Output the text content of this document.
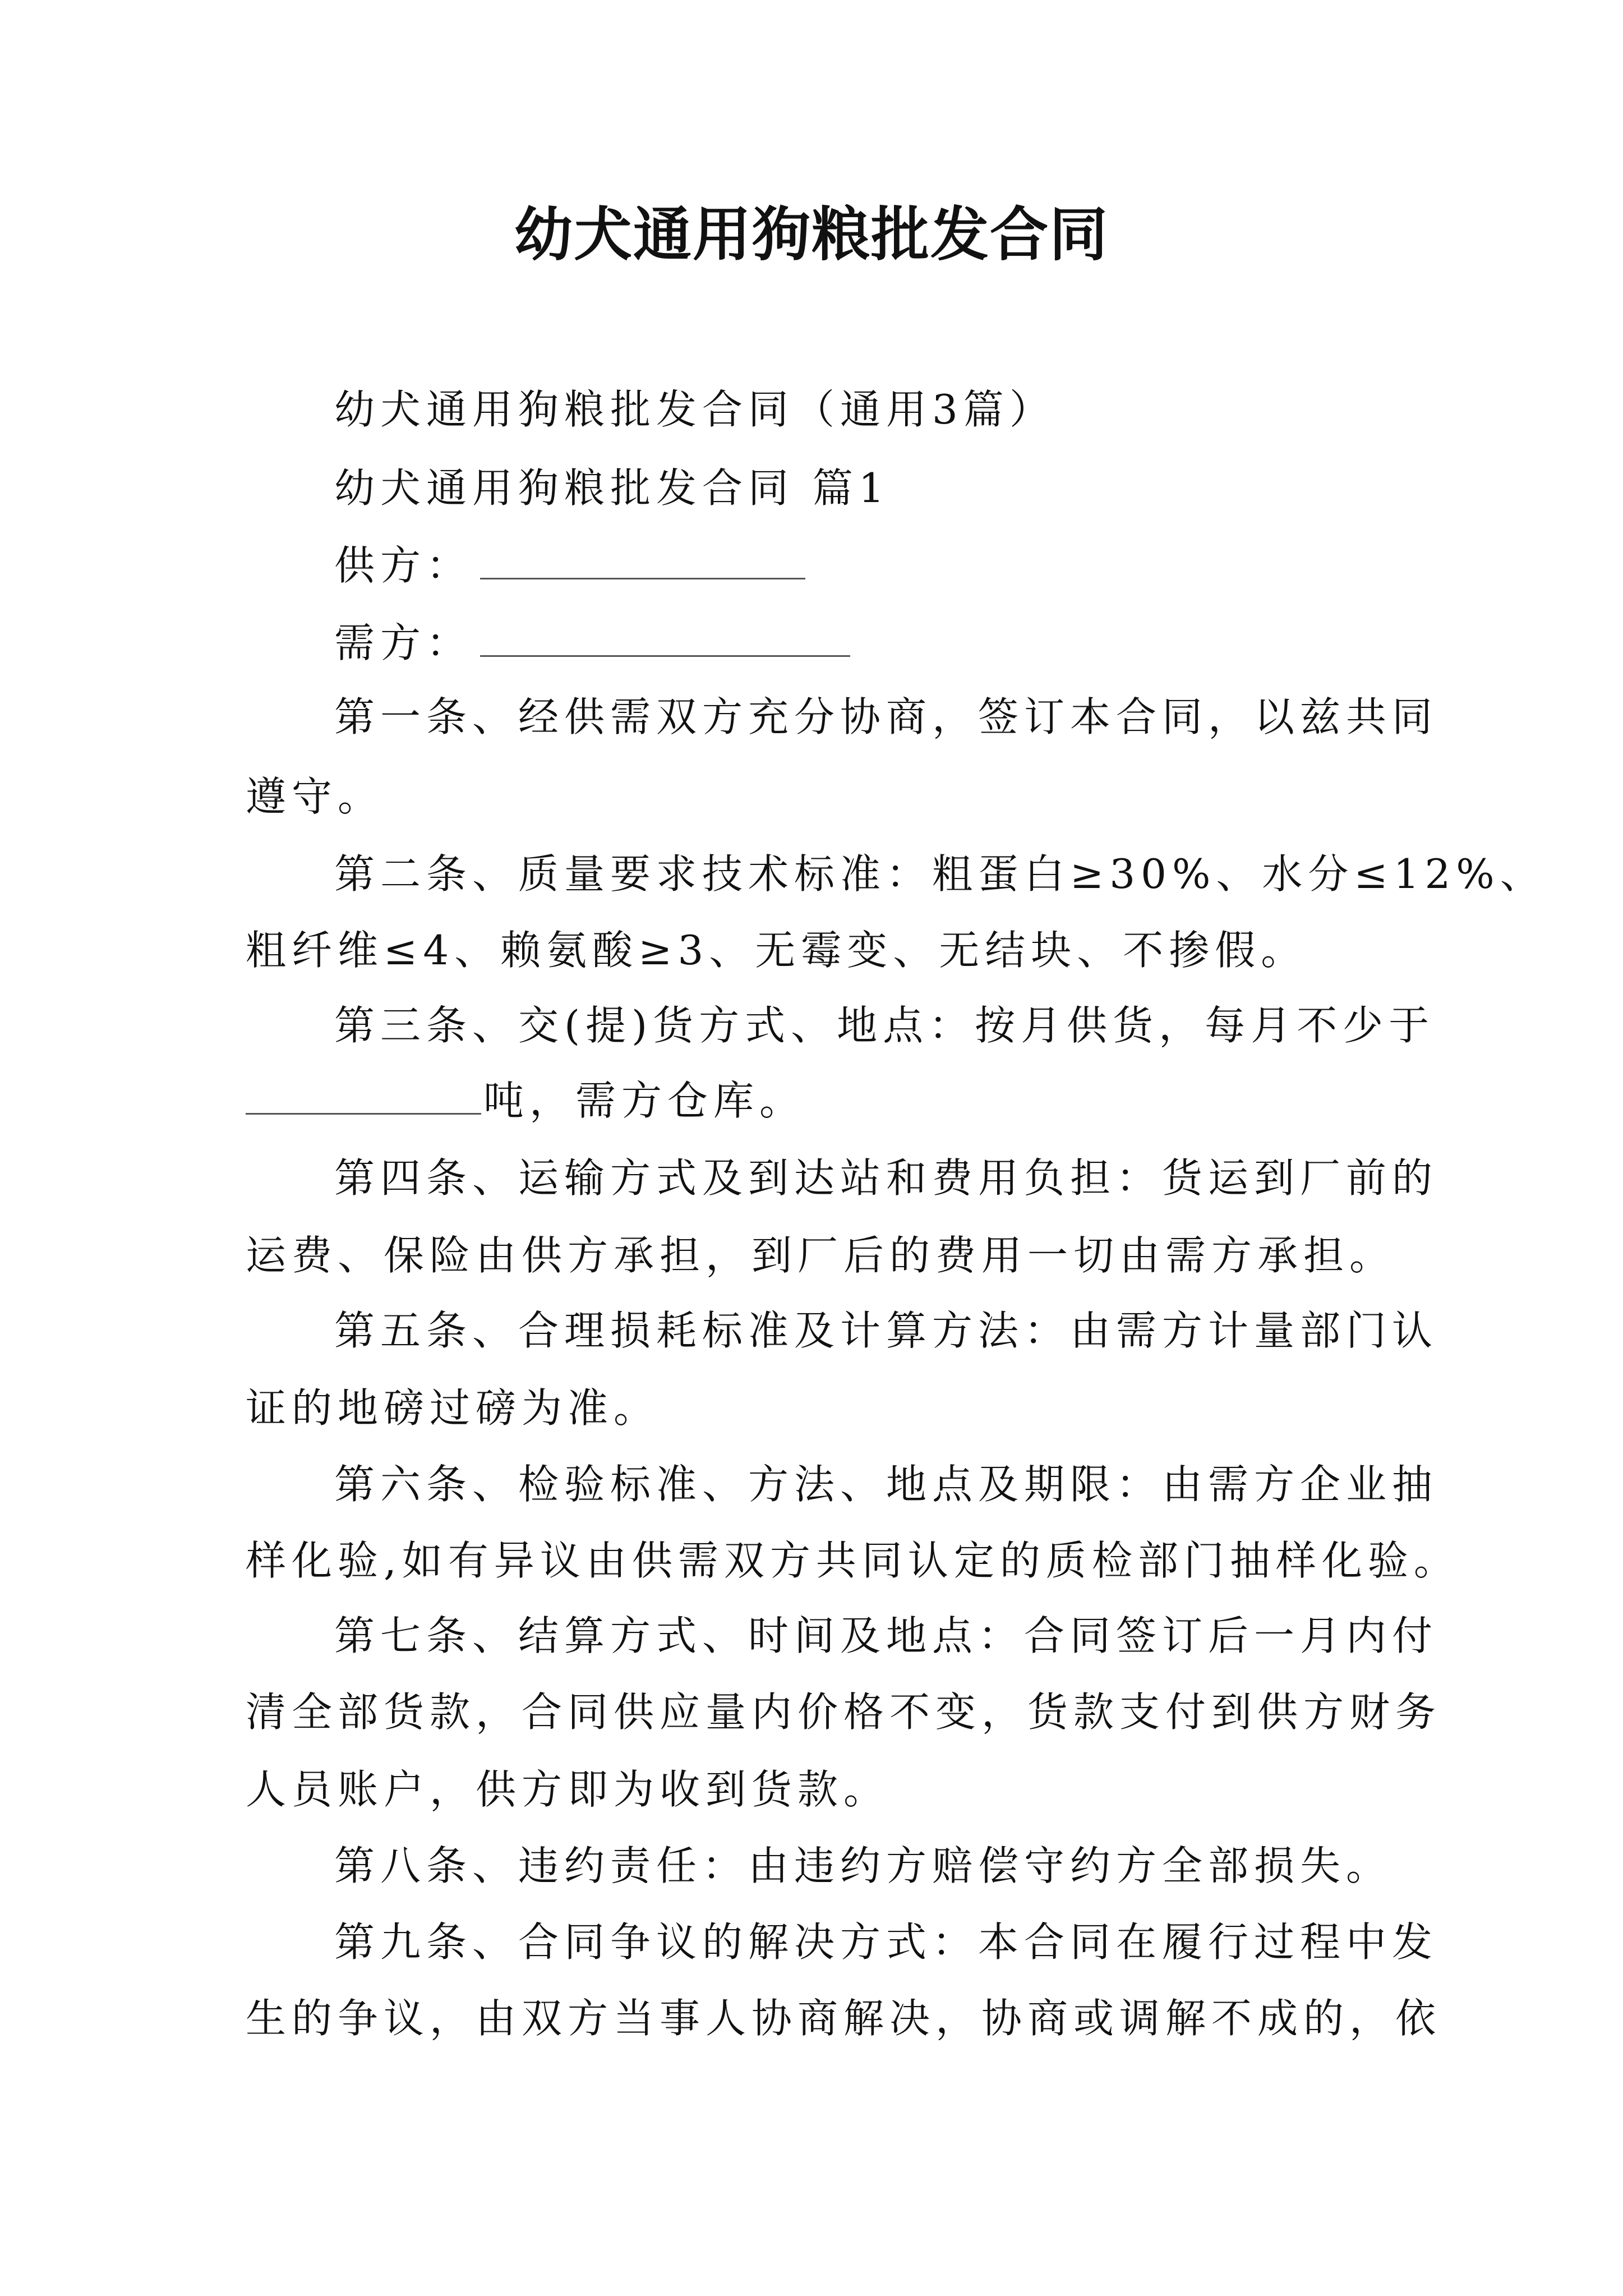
幼犬通用狗粮批发合同
幼犬通用狗粮批发合同（通用3篇）
幼犬通用狗粮批发合同 篇1
供方：
需方：
第一条、经供需双方充分协商，签订本合同，以兹共同
遵守。
第二条、质量要求技术标准：粗蛋白≥30%、水分≤12%、
粗纤维≤4、赖氨酸≥3、无霉变、无结块、不掺假。
第三条、交(提)货方式、地点：按月供货，每月不少于
吨，需方仓库。
第四条、运输方式及到达站和费用负担：货运到厂前的
运费、保险由供方承担，到厂后的费用一切由需方承担。
第五条、合理损耗标准及计算方法：由需方计量部门认
证的地磅过磅为准。
第六条、检验标准、方法、地点及期限：由需方企业抽
样化验,如有异议由供需双方共同认定的质检部门抽样化验。
第七条、结算方式、时间及地点：合同签订后一月内付
清全部货款，合同供应量内价格不变，货款支付到供方财务
人员账户，供方即为收到货款。
第八条、违约责任：由违约方赔偿守约方全部损失。
第九条、合同争议的解决方式：本合同在履行过程中发
生的争议，由双方当事人协商解决，协商或调解不成的，依
